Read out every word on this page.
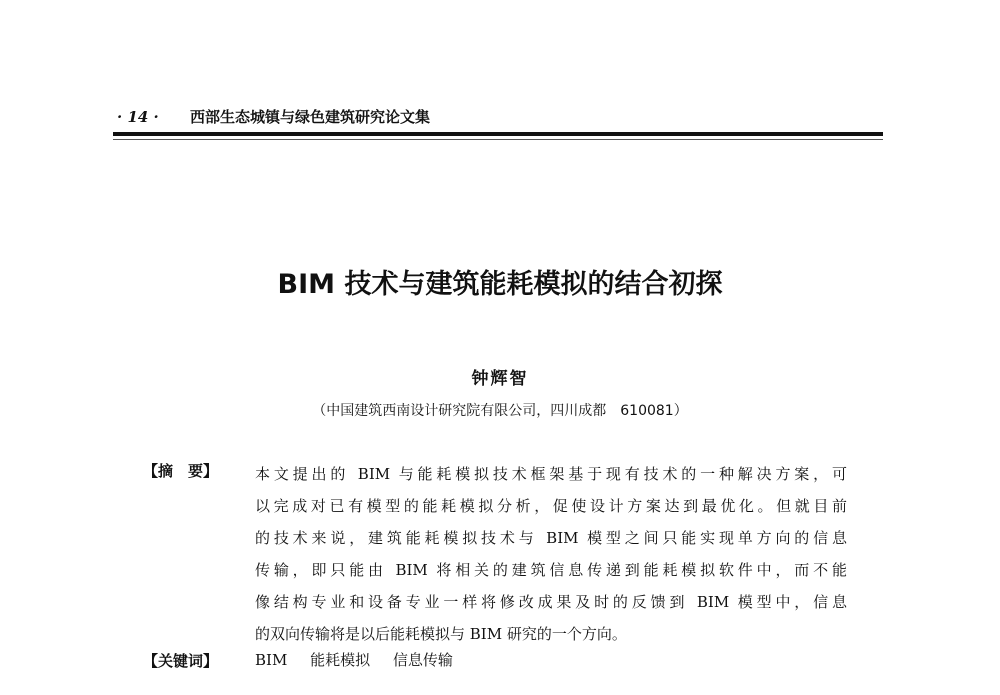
· 14 · 西部生态城镇与绿色建筑研究论文集
BIM 技术与建筑能耗模拟的结合初探
钟辉智
（中国建筑西南设计研究院有限公司，四川成都　610081）
【摘　要】 本文提出的 BIM 与能耗模拟技术框架基于现有技术的一种解决方案，可
以完成对已有模型的能耗模拟分析，促使设计方案达到最优化。但就目前
的技术来说，建筑能耗模拟技术与 BIM 模型之间只能实现单方向的信息
传输，即只能由 BIM 将相关的建筑信息传递到能耗模拟软件中，而不能
像结构专业和设备专业一样将修改成果及时的反馈到 BIM 模型中，信息
的双向传输将是以后能耗模拟与 BIM 研究的一个方向。
【关键词】 BIM 能耗模拟 信息传输
